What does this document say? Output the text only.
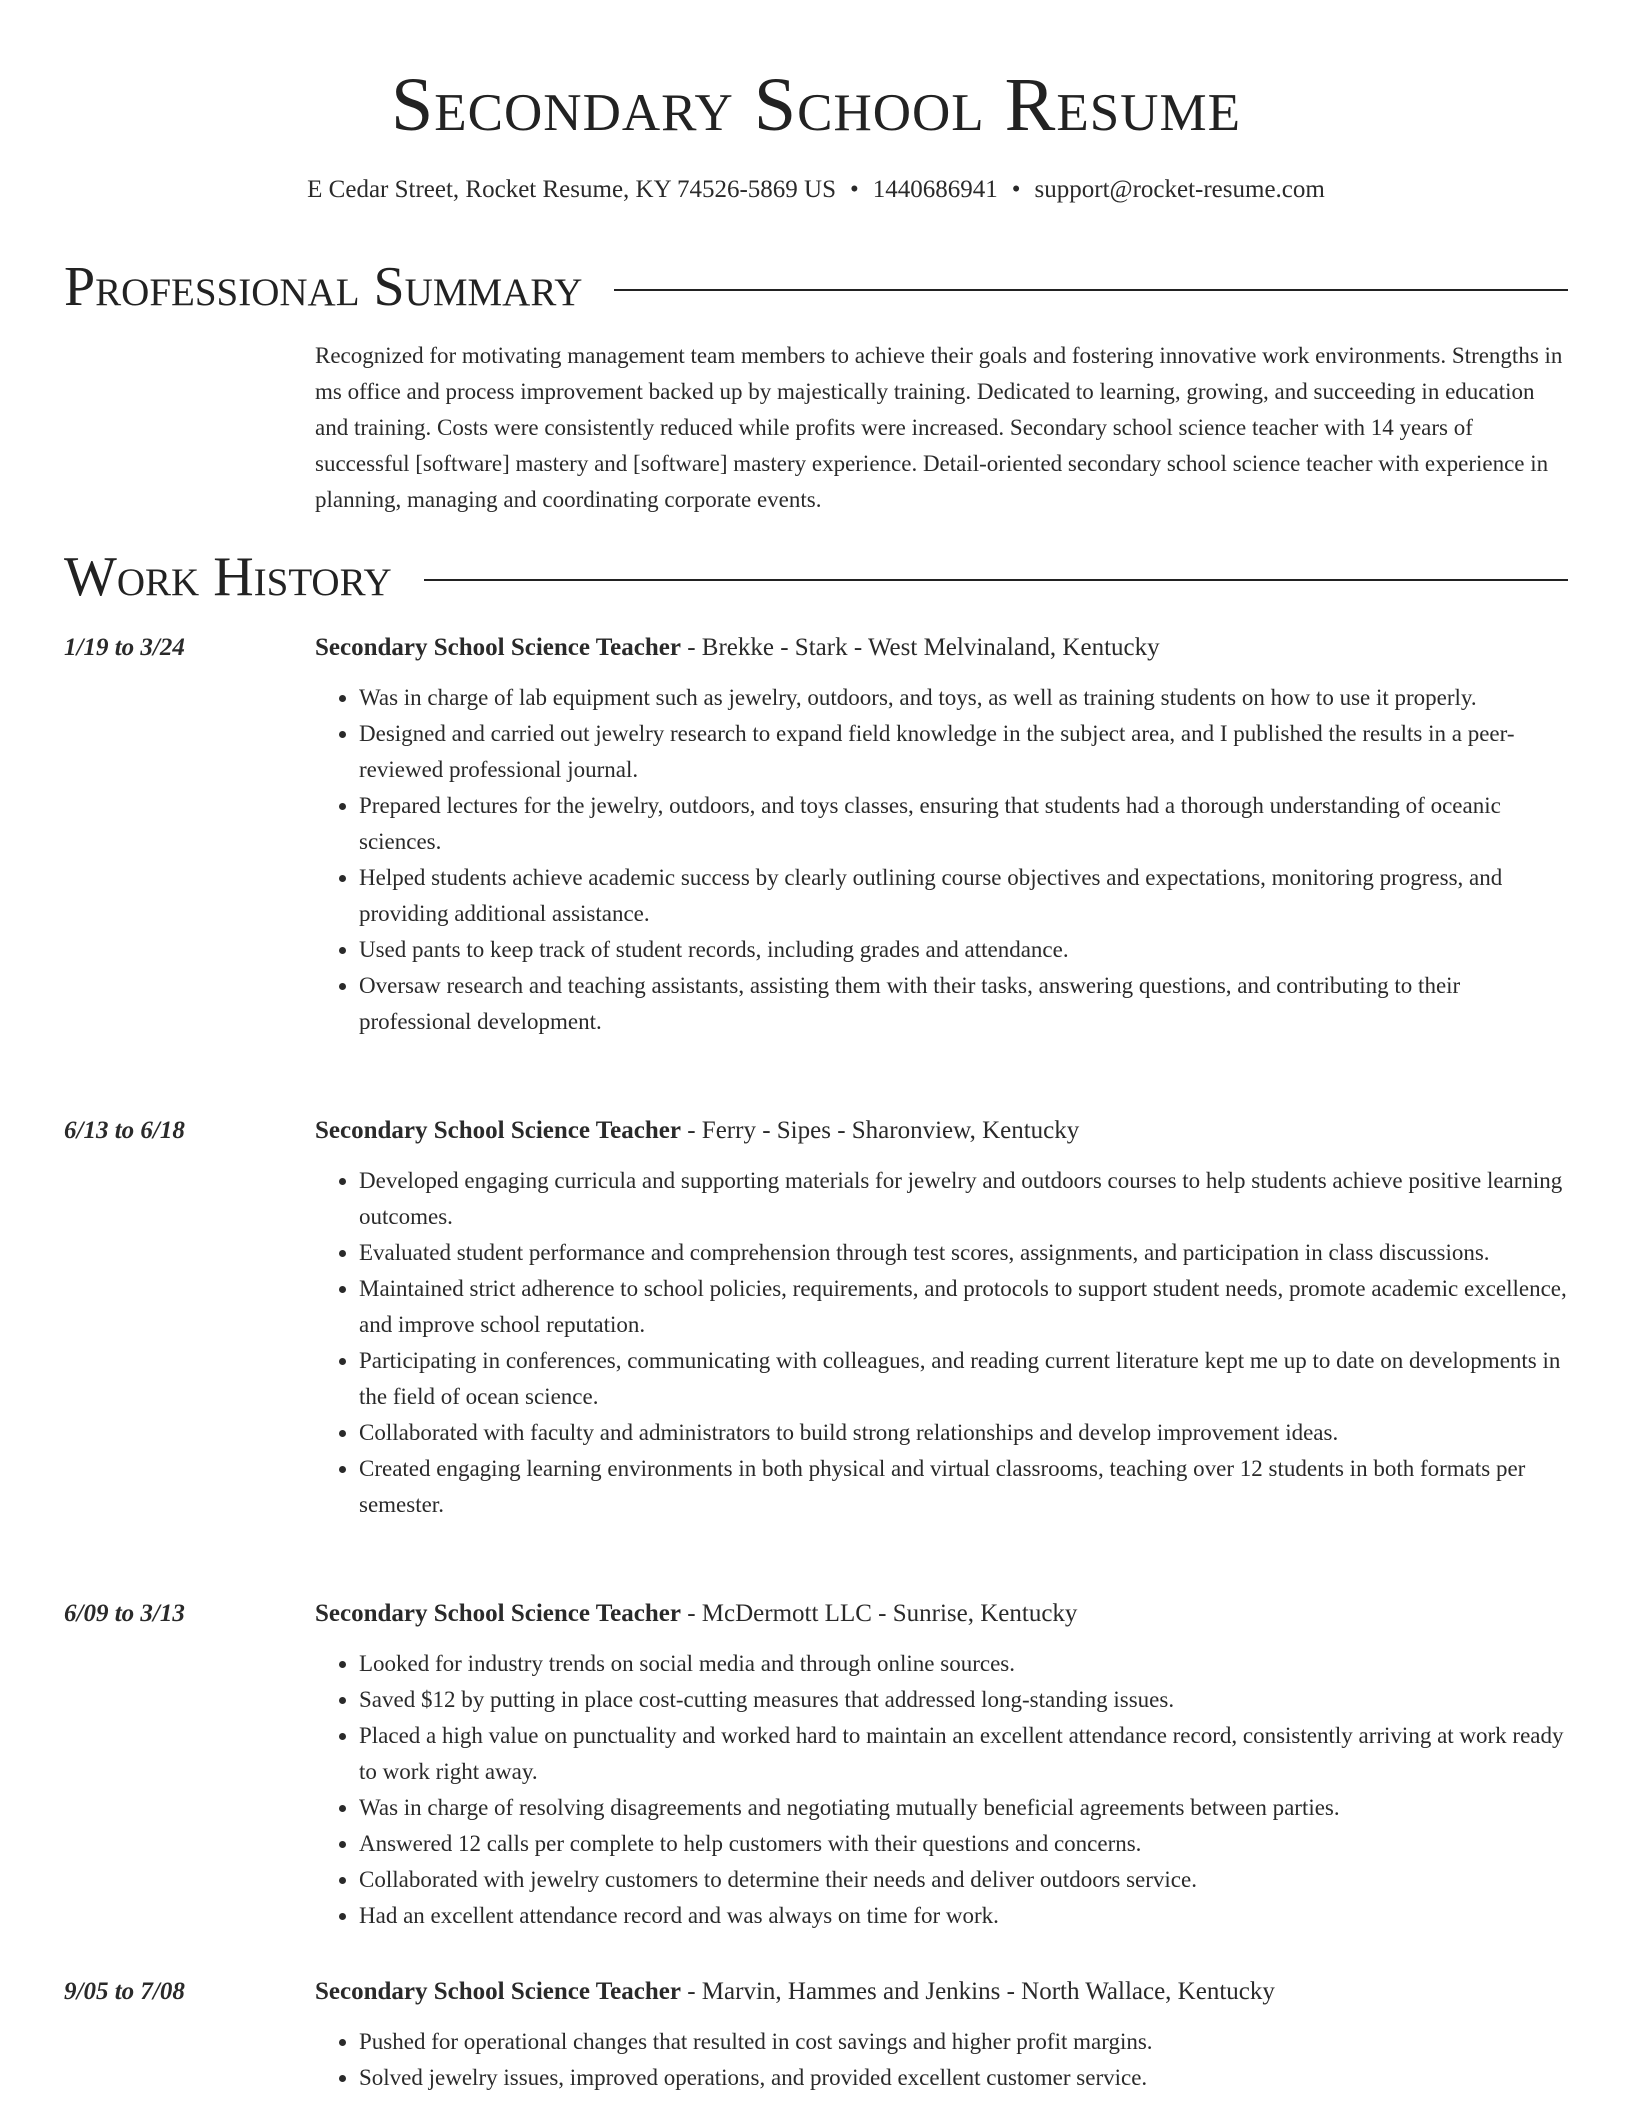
Secondary School Resume
E Cedar Street, Rocket Resume, KY 74526-5869 US • 1440686941 • support@rocket-resume.com
Professional Summary

Recognized for motivating management team members to achieve their goals and fostering innovative work environments. Strengths in ms office and process improvement backed up by majestically training. Dedicated to learning, growing, and succeeding in education and training. Costs were consistently reduced while profits were increased. Secondary school science teacher with 14 years of successful [software] mastery and [software] mastery experience. Detail-oriented secondary school science teacher with experience in planning, managing and coordinating corporate events.

Work History
1/19 to 3/24	Secondary School Science Teacher - Brekke - Stark - West Melvinaland, Kentucky
• Was in charge of lab equipment such as jewelry, outdoors, and toys, as well as training students on how to use it properly.
• Designed and carried out jewelry research to expand field knowledge in the subject area, and I published the results in a peer-reviewed professional journal.
• Prepared lectures for the jewelry, outdoors, and toys classes, ensuring that students had a thorough understanding of oceanic sciences.
• Helped students achieve academic success by clearly outlining course objectives and expectations, monitoring progress, and providing additional assistance.
• Used pants to keep track of student records, including grades and attendance.
• Oversaw research and teaching assistants, assisting them with their tasks, answering questions, and contributing to their professional development.
6/13 to 6/18	Secondary School Science Teacher - Ferry - Sipes - Sharonview, Kentucky
• Developed engaging curricula and supporting materials for jewelry and outdoors courses to help students achieve positive learning outcomes.
• Evaluated student performance and comprehension through test scores, assignments, and participation in class discussions.
• Maintained strict adherence to school policies, requirements, and protocols to support student needs, promote academic excellence, and improve school reputation.
• Participating in conferences, communicating with colleagues, and reading current literature kept me up to date on developments in the field of ocean science.
• Collaborated with faculty and administrators to build strong relationships and develop improvement ideas.
• Created engaging learning environments in both physical and virtual classrooms, teaching over 12 students in both formats per semester.
6/09 to 3/13	Secondary School Science Teacher - McDermott LLC - Sunrise, Kentucky
• Looked for industry trends on social media and through online sources.
• Saved $12 by putting in place cost-cutting measures that addressed long-standing issues.
• Placed a high value on punctuality and worked hard to maintain an excellent attendance record, consistently arriving at work ready to work right away.
• Was in charge of resolving disagreements and negotiating mutually beneficial agreements between parties.
• Answered 12 calls per complete to help customers with their questions and concerns.
• Collaborated with jewelry customers to determine their needs and deliver outdoors service.
• Had an excellent attendance record and was always on time for work.
9/05 to 7/08	Secondary School Science Teacher - Marvin, Hammes and Jenkins - North Wallace, Kentucky
• Pushed for operational changes that resulted in cost savings and higher profit margins.
• Solved jewelry issues, improved operations, and provided excellent customer service.
